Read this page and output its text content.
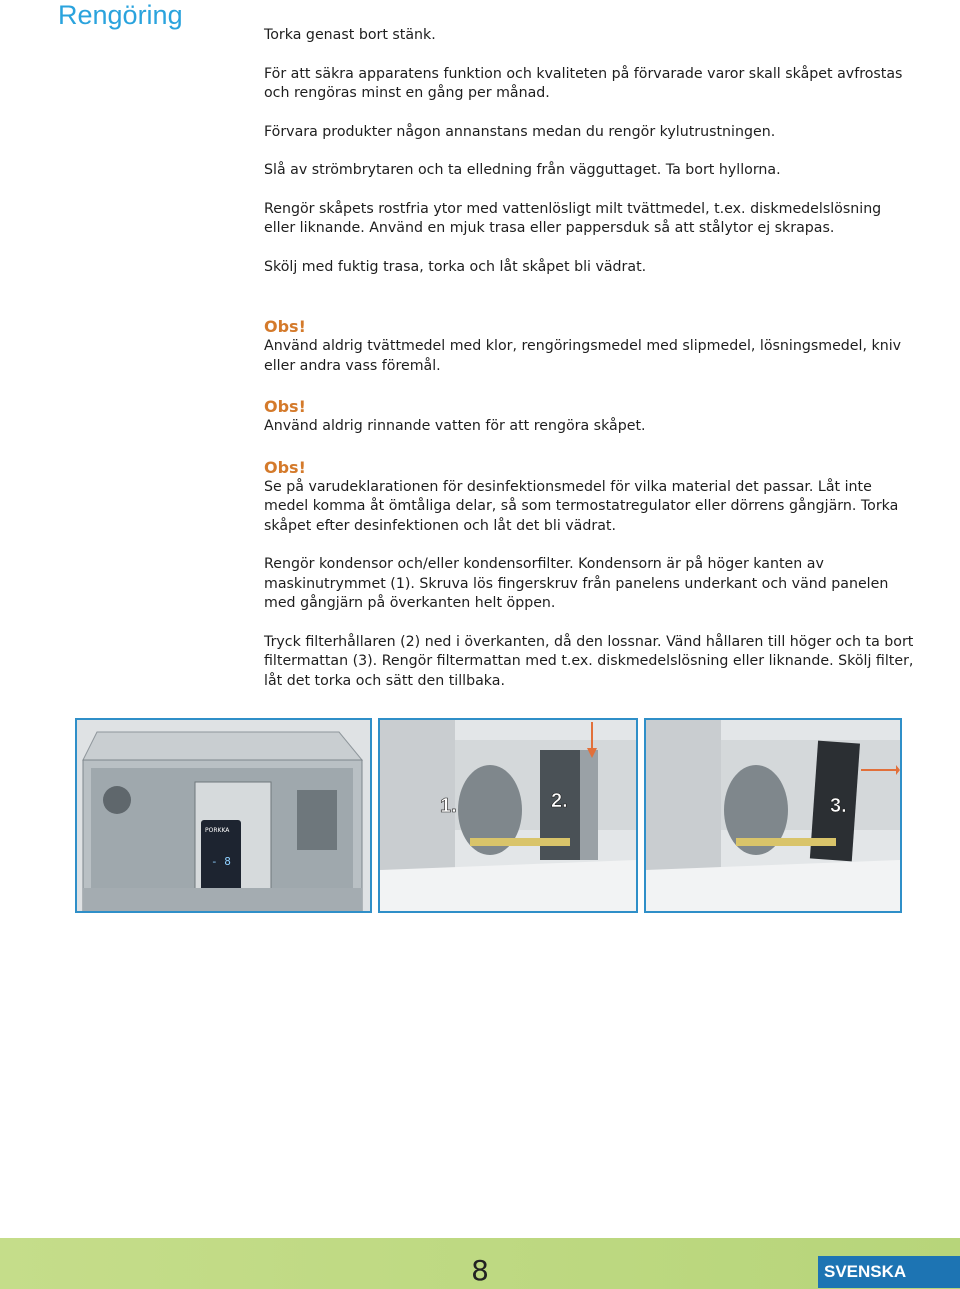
Rengöring

Torka genast bort stänk.

För att säkra apparatens funktion och kvaliteten på förvarade varor skall skåpet avfrostas och rengöras minst en gång per månad.

Förvara produkter någon annanstans medan du rengör kylutrustningen.

Slå av strömbrytaren och ta elledning från vägguttaget. Ta bort hyllorna.

Rengör skåpets rostfria ytor med vattenlösligt milt tvättmedel, t.ex. diskmedelslösning eller liknande. Använd en mjuk trasa eller pappersduk så att stålytor ej skrapas.

Skölj med fuktig trasa, torka och låt skåpet bli vädrat.

Obs!

Använd aldrig tvättmedel med klor, rengöringsmedel med slipmedel, lösningsmedel, kniv eller andra vass föremål.

Obs!

Använd aldrig rinnande vatten för att rengöra skåpet.

Obs!

Se på varudeklarationen för desinfektionsmedel för vilka material det passar. Låt inte medel komma åt ömtåliga delar, så som termostatregulator eller dörrens gångjärn. Torka skåpet efter desinfektionen och låt det bli vädrat.

Rengör kondensor och/eller kondensorfilter. Kondensorn är på höger kanten av maskinutrymmet (1). Skruva lös fingerskruv från panelens underkant och vänd panelen med gångjärn på överkanten helt öppen.

Tryck filterhållaren (2) ned i överkanten, då den lossnar. Vänd hållaren till höger och ta bort filtermattan (3). Rengör filtermattan med t.ex. diskmedelslösning eller liknande. Skölj filter, låt det torka och sätt den tillbaka.

- 8
PORKKA
1.	3.
2.
8	SVENSKA
